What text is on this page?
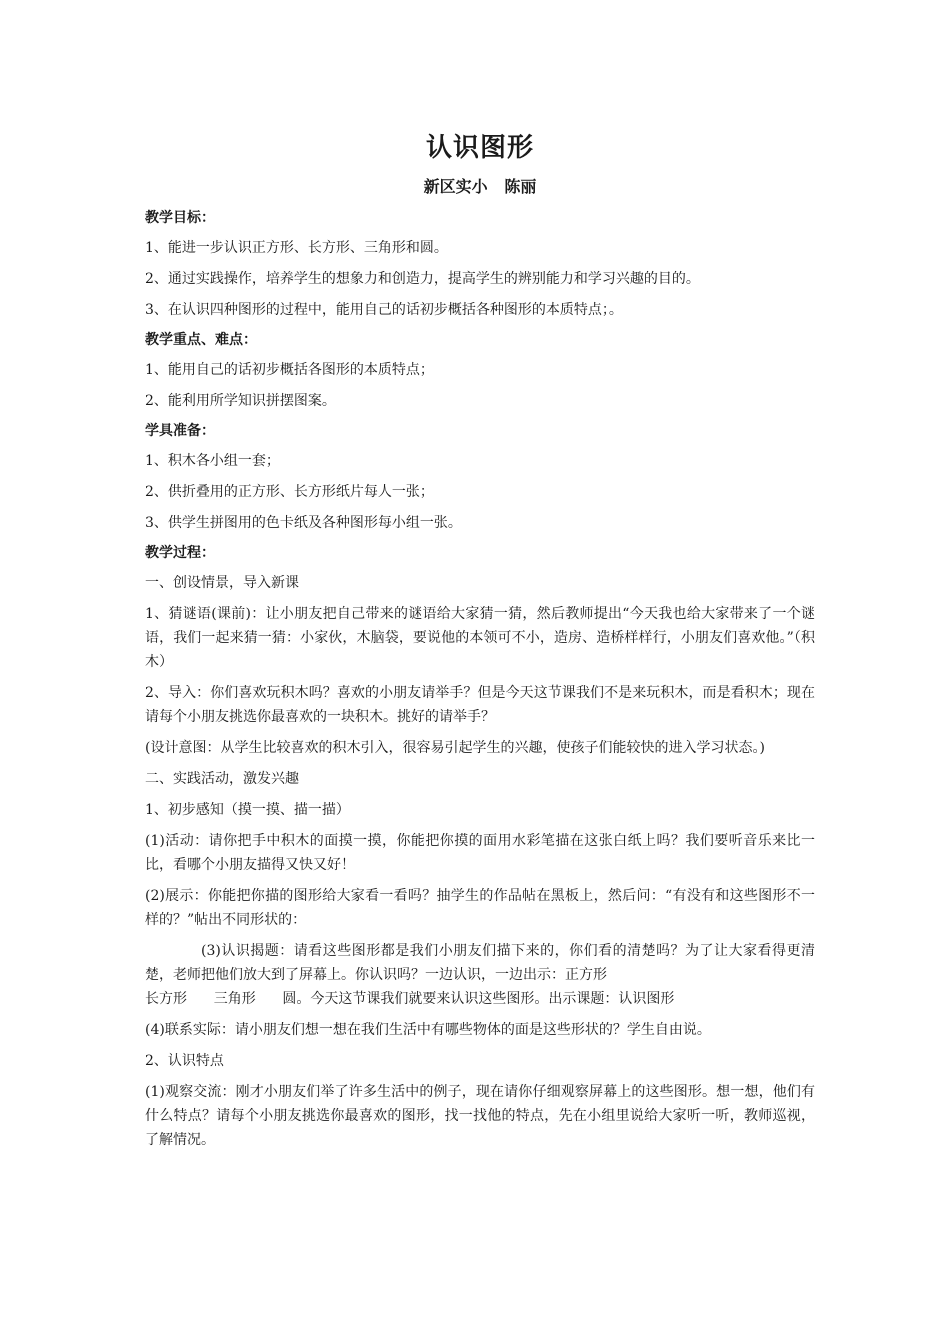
认识图形
新区实小   陈丽
教学目标：

1、能进一步认识正方形、长方形、三角形和圆。

2、通过实践操作，培养学生的想象力和创造力，提高学生的辨别能力和学习兴趣的目的。

3、在认识四种图形的过程中，能用自己的话初步概括各种图形的本质特点；。

教学重点、难点：

1、能用自己的话初步概括各图形的本质特点；

2、能利用所学知识拼摆图案。

学具准备：

1、积木各小组一套；

2、供折叠用的正方形、长方形纸片每人一张；

3、供学生拼图用的色卡纸及各种图形每小组一张。

教学过程：

一、创设情景，导入新课

1、猜谜语(课前)：让小朋友把自己带来的谜语给大家猜一猜，然后教师提出“今天我也给大家带来了一个谜语，我们一起来猜一猜：小家伙，木脑袋，要说他的本领可不小，造房、造桥样样行，小朋友们喜欢他。”（积木）

2、导入：你们喜欢玩积木吗？喜欢的小朋友请举手？但是今天这节课我们不是来玩积木，而是看积木；现在请每个小朋友挑选你最喜欢的一块积木。挑好的请举手？

(设计意图：从学生比较喜欢的积木引入，很容易引起学生的兴趣，使孩子们能较快的进入学习状态。)

二、实践活动，激发兴趣

1、初步感知（摸一摸、描一描）

(1)活动：请你把手中积木的面摸一摸，你能把你摸的面用水彩笔描在这张白纸上吗？我们要听音乐来比一比，看哪个小朋友描得又快又好！

(2)展示：你能把你描的图形给大家看一看吗？抽学生的作品帖在黑板上，然后问：“有没有和这些图形不一样的？”帖出不同形状的：

(3)认识揭题：请看这些图形都是我们小朋友们描下来的，你们看的清楚吗？为了让大家看得更清楚，老师把他们放大到了屏幕上。你认识吗？一边认识，一边出示：正方形
长方形      三角形      圆。今天这节课我们就要来认识这些图形。出示课题：认识图形

(4)联系实际：请小朋友们想一想在我们生活中有哪些物体的面是这些形状的？学生自由说。

2、认识特点

(1)观察交流：刚才小朋友们举了许多生活中的例子，现在请你仔细观察屏幕上的这些图形。想一想，他们有什么特点？请每个小朋友挑选你最喜欢的图形，找一找他的特点，先在小组里说给大家听一听，教师巡视，了解情况。
